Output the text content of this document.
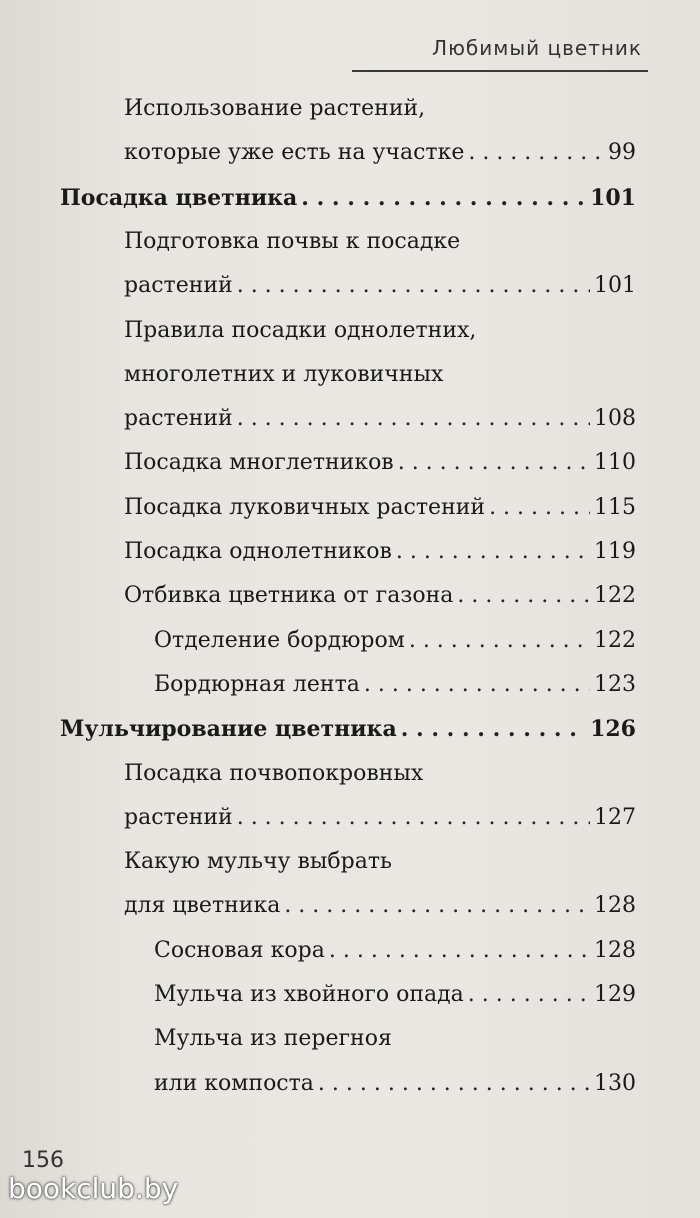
Любимый цветник
Использование растений,
которые уже есть на участке . . .	99
Посадка цветника . . .	101
Подготовка почвы к посадке
растений . . .	101
Правила посадки однолетних,
многолетних и луковичных
растений . . .	108
Посадка многлетников . . .	110
Посадка луковичных растений . . .	115
Посадка однолетников . . .	119
Отбивка цветника от газона . . .	122
Отделение бордюром . . .	122
Бордюрная лента . . .	123
Мульчирование цветника . . .	126
Посадка почвопокровных
растений . . .	127
Какую мульчу выбрать
для цветника . . .	128
Сосновая кора . . .	128
Мульча из хвойного опада . . .	129
Мульча из перегноя
или компоста . . .	130
156
bookclub.by
